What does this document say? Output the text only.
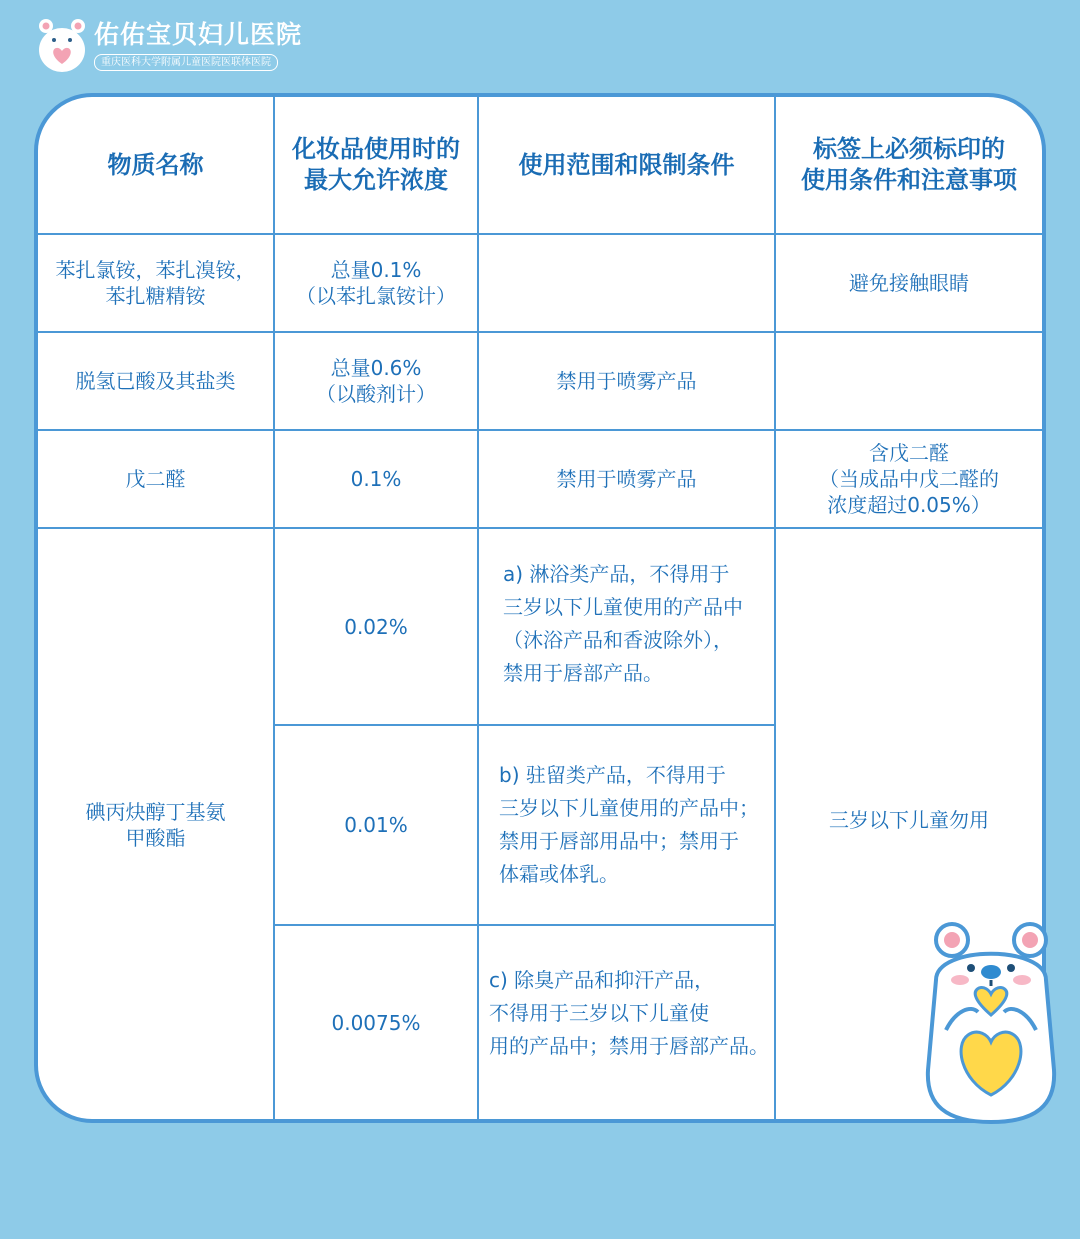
佑佑宝贝妇儿医院
重庆医科大学附属儿童医院医联体医院
物质名称
化妆品使用时的
最大允许浓度
使用范围和限制条件
标签上必须标印的
使用条件和注意事项
苯扎氯铵，苯扎溴铵，
苯扎糖精铵
总量0.1%
（以苯扎氯铵计）
避免接触眼睛
脱氢已酸及其盐类
总量0.6%
（以酸剂计）
禁用于喷雾产品
戊二醛	0.1%	禁用于喷雾产品
含戊二醛
（当成品中戊二醛的
浓度超过0.05%）
碘丙炔醇丁基氨
甲酸酯
三岁以下儿童勿用
0.02%
a) 淋浴类产品，不得用于
三岁以下儿童使用的产品中
（沐浴产品和香波除外），
禁用于唇部产品。
0.01%
b) 驻留类产品，不得用于
三岁以下儿童使用的产品中；
禁用于唇部用品中；禁用于
体霜或体乳。
0.0075%
c) 除臭产品和抑汗产品，
不得用于三岁以下儿童使
用的产品中；禁用于唇部产品。
